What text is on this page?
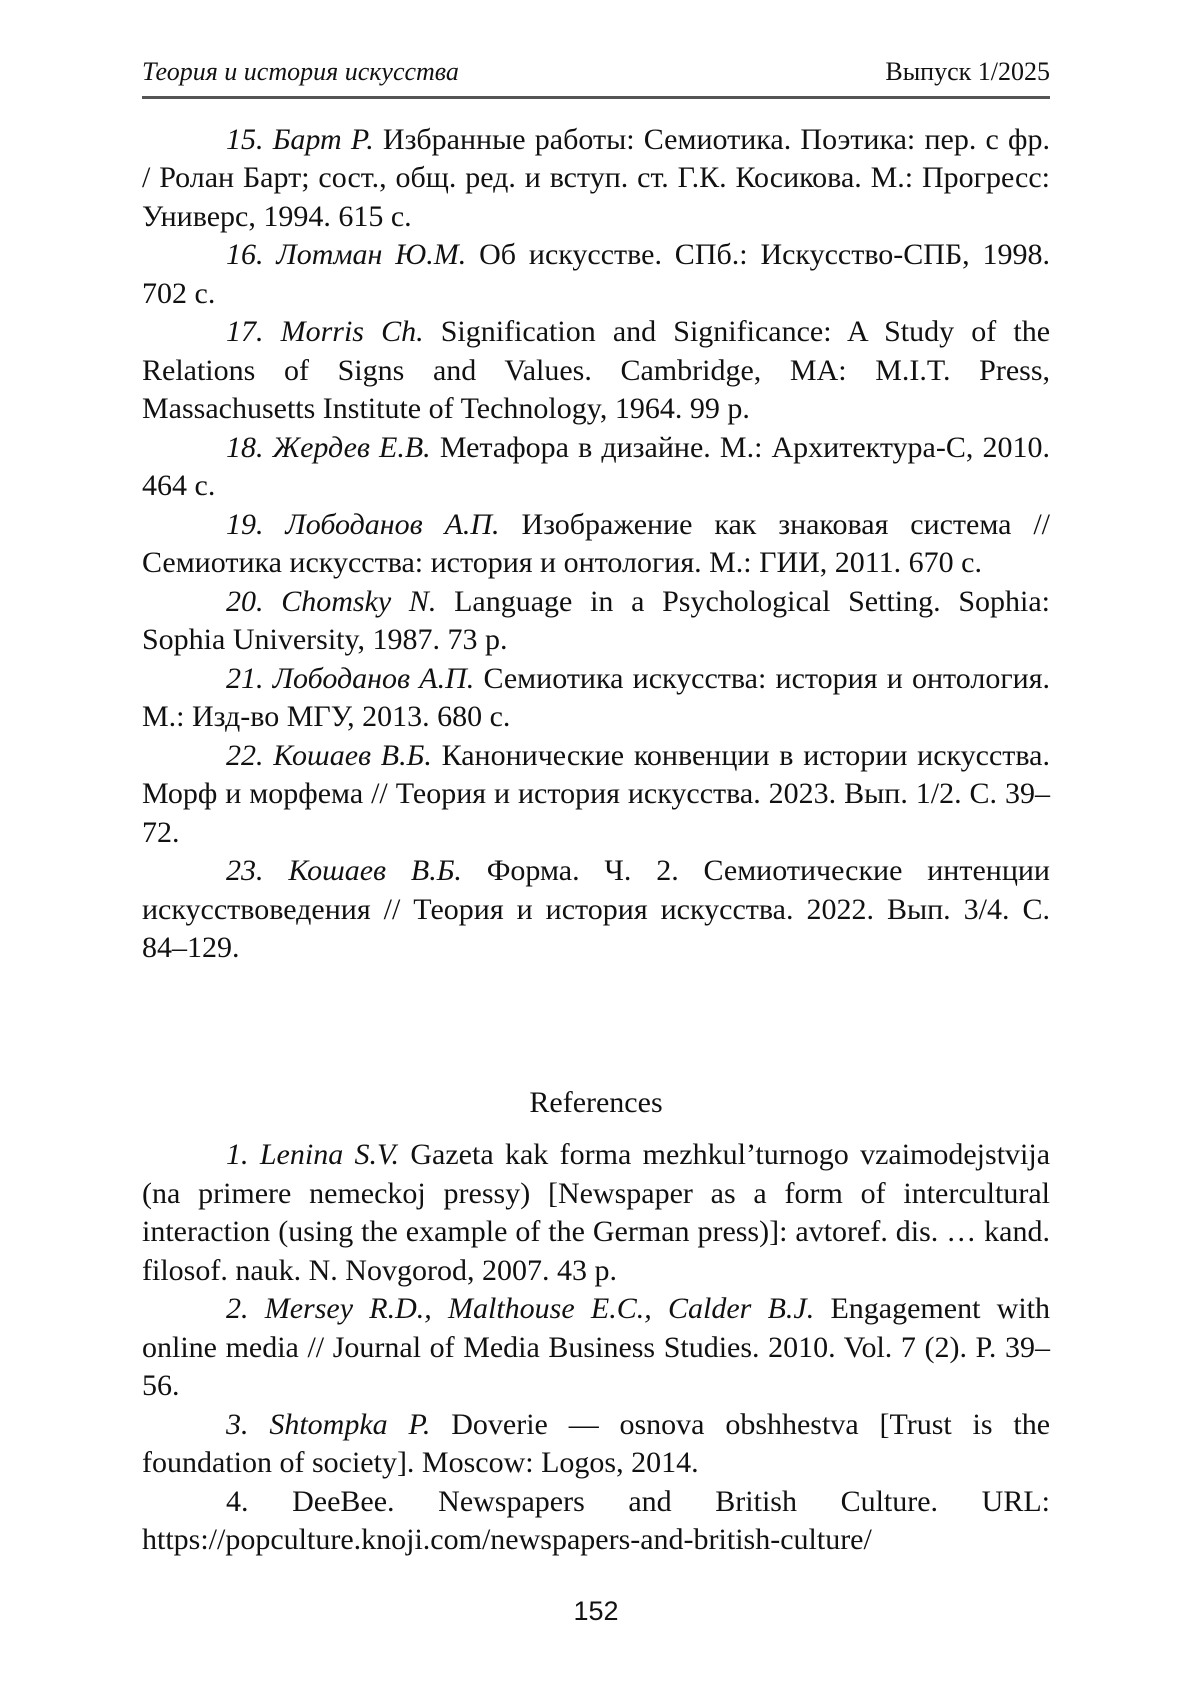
Теория и история искусства	Выпуск 1/2025

15. Барт Р. Избранные работы: Семиотика. Поэтика: пер. с фр. / Ролан Барт; сост., общ. ред. и вступ. ст. Г.К. Косикова. М.: Прогресс: Универс, 1994. 615 с.

16. Лотман Ю.М. Об искусстве. СПб.: Искусство-СПБ, 1998. 702 с.

17. Morris Ch. Signification and Significance: A Study of the Relations of Signs and Values. Cambridge, MA: M.I.T. Press, Massachusetts Institute of Technology, 1964. 99 p.

18. Жердев Е.В. Метафора в дизайне. М.: Архитектура-С, 2010. 464 с.

19. Лободанов А.П. Изображение как знаковая система // Семиотика искусства: история и онтология. М.: ГИИ, 2011. 670 с.

20. Chomsky N. Language in a Psychological Setting. Sophia: Sophia University, 1987. 73 p.

21. Лободанов А.П. Семиотика искусства: история и онтология. М.: Изд-во МГУ, 2013. 680 с.

22. Кошаев В.Б. Канонические конвенции в истории искусства. Морф и морфема // Теория и история искусства. 2023. Вып. 1/2. С. 39–72.

23. Кошаев В.Б. Форма. Ч. 2. Семиотические интенции искусствоведения // Теория и история искусства. 2022. Вып. 3/4. С. 84–129.

References

1. Lenina S.V. Gazeta kak forma mezhkul’turnogo vzaimodejstvija (na primere nemeckoj pressy) [Newspaper as a form of intercultural interaction (using the example of the German press)]: avtoref. dis. … kand. filosof. nauk. N. Novgorod, 2007. 43 p.

2. Mersey R.D., Malthouse E.C., Calder B.J. Engagement with online media // Journal of Media Business Studies. 2010. Vol. 7 (2). P. 39–56.

3. Shtompka P. Doverie — osnova obshhestva [Trust is the foundation of society]. Moscow: Logos, 2014.

4. DeeBee. Newspapers and British Culture. URL: https://popculture.knoji.com/newspapers-and-british-culture/

152
